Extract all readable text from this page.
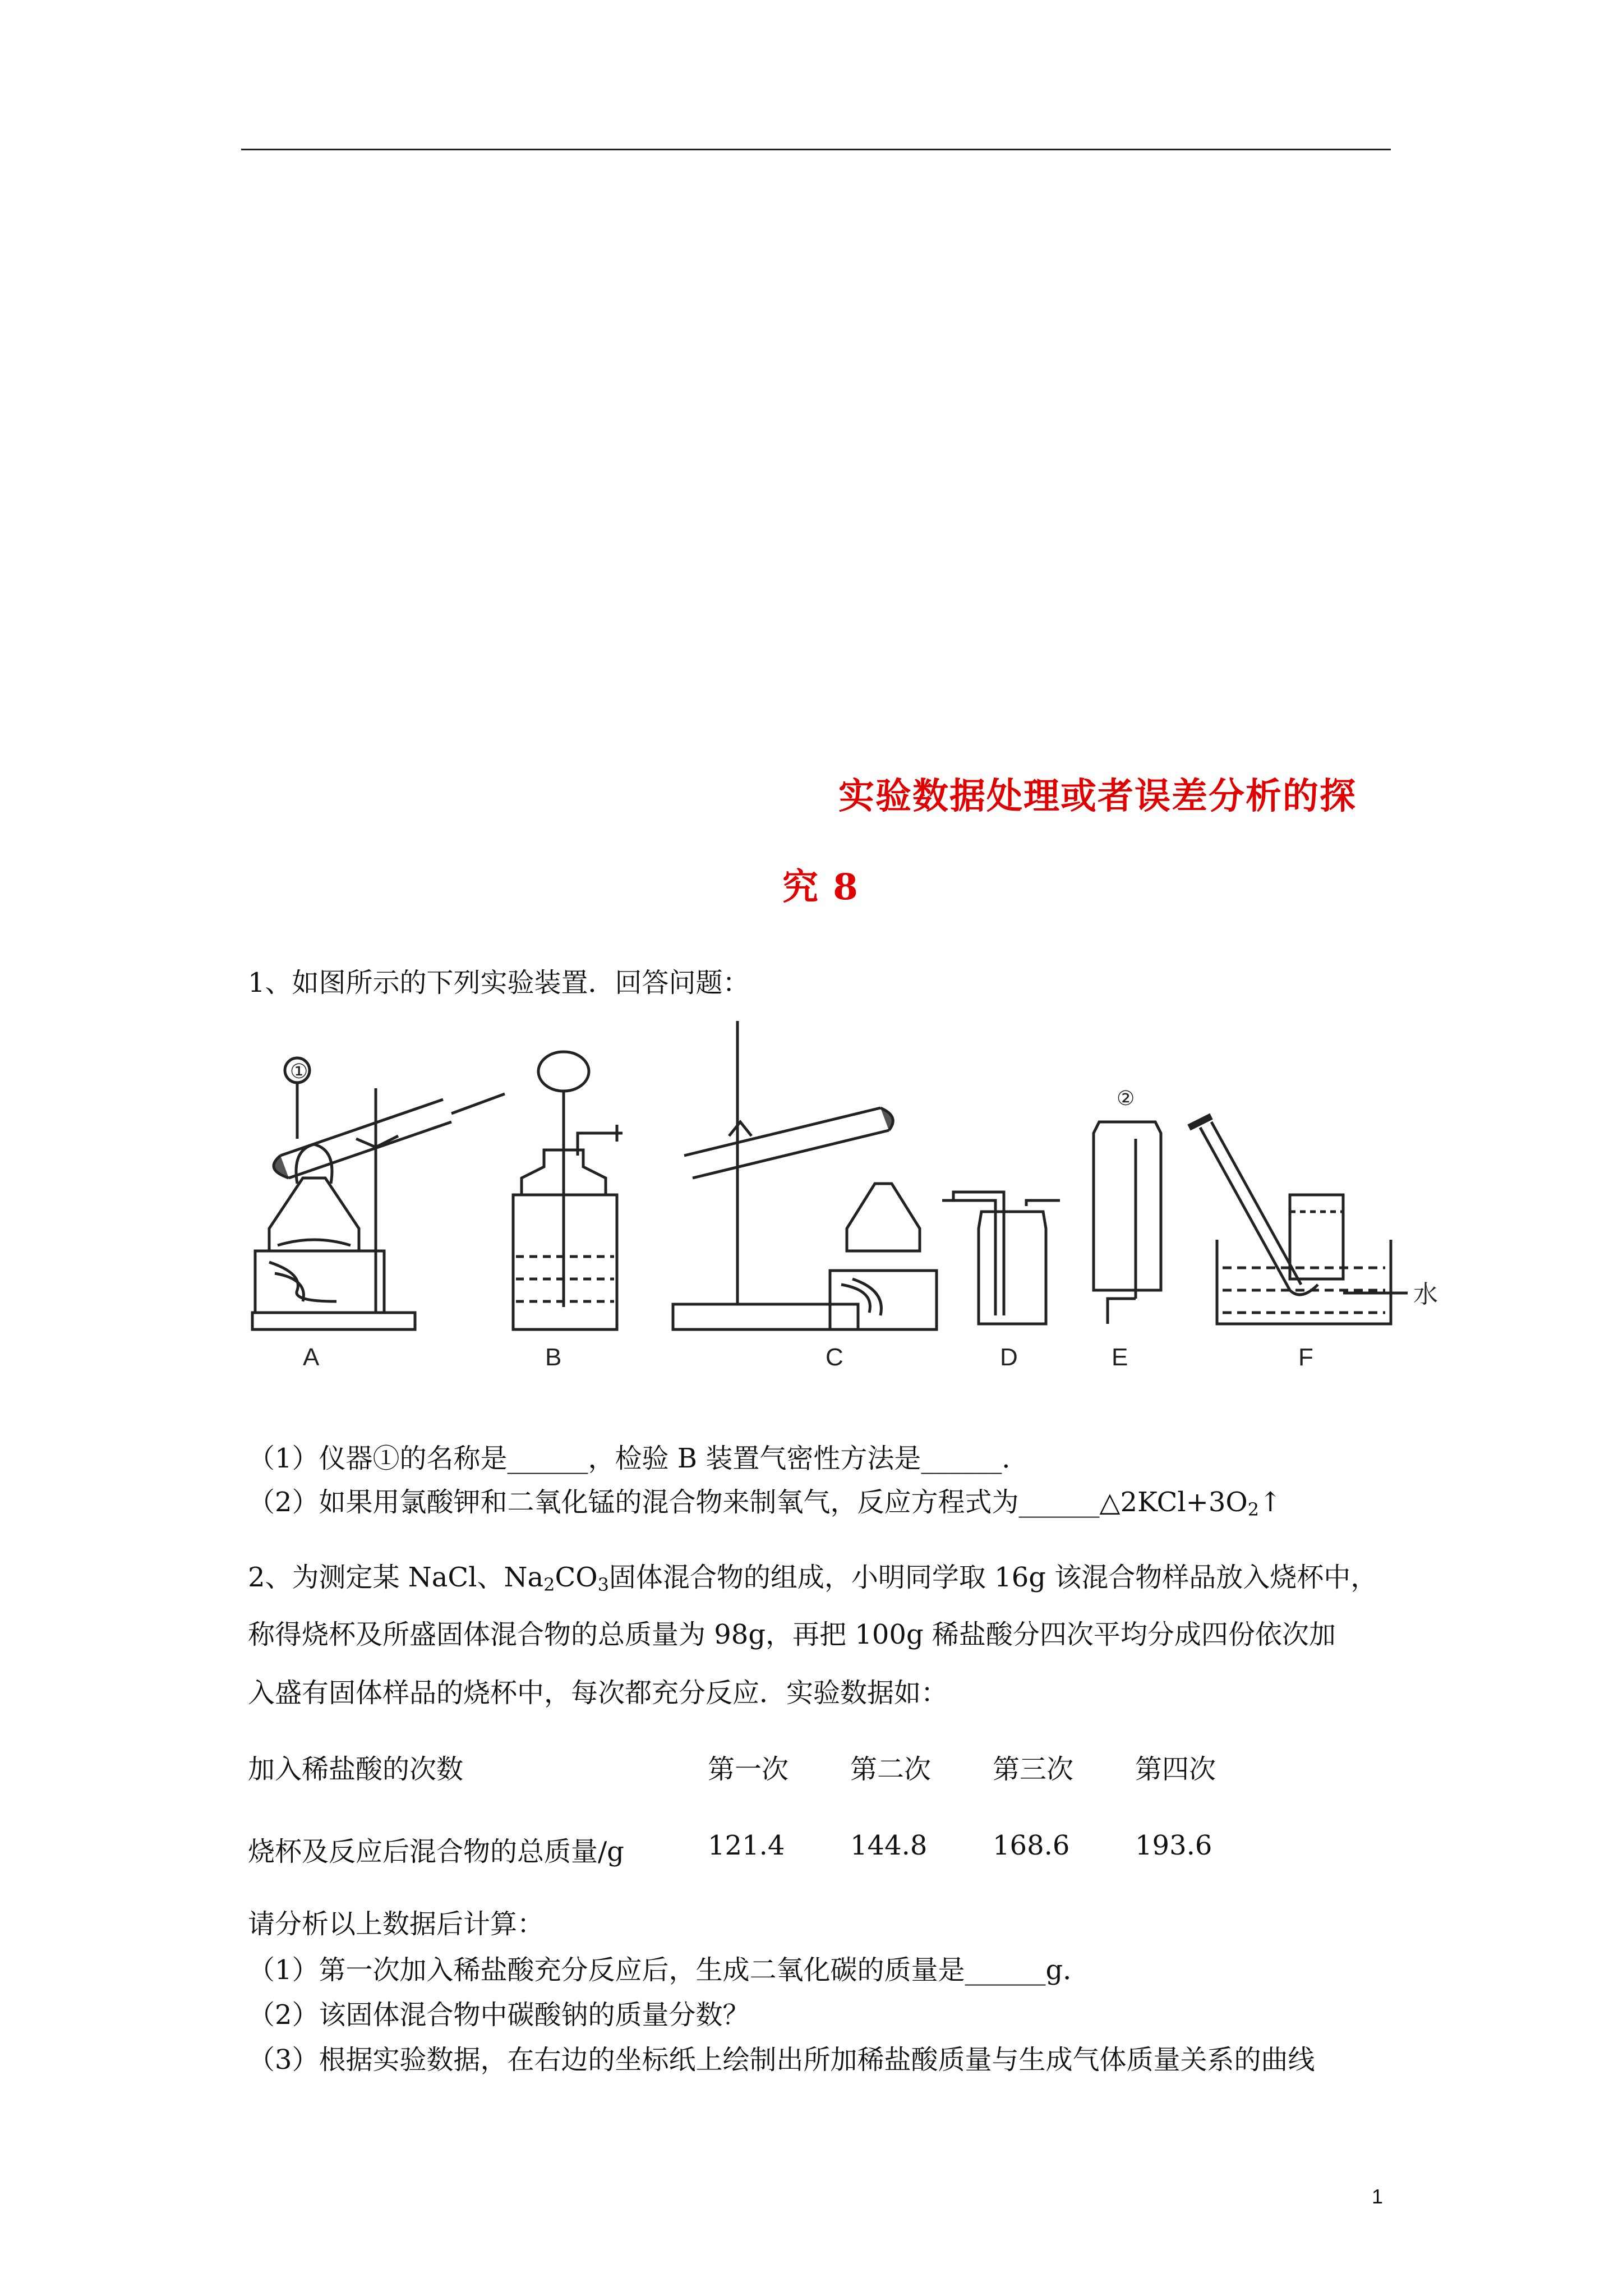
实验数据处理或者误差分析的探
究 8
1、如图所示的下列实验装置．回答问题：
A
①
B	C	D	E
②
F
水
（1）仪器①的名称是______，检验 B 装置气密性方法是______．
（2）如果用氯酸钾和二氧化锰的混合物来制氧气，反应方程式为$\_\_\_\_\_\_\triangle 2KCl+3O_2↑$
2、为测定某 NaCl、$Na_2CO_3$固体混合物的组成，小明同学取 16g 该混合物样品放入烧杯中，
称得烧杯及所盛固体混合物的总质量为 98g，再把 100g 稀盐酸分四次平均分成四份依次加
入盛有固体样品的烧杯中，每次都充分反应．实验数据如：
加入稀盐酸的次数	第一次 第二次 第三次 第四次
烧杯及反应后混合物的总质量/g	121.4 144.8 168.6 193.6
请分析以上数据后计算：
（1）第一次加入稀盐酸充分反应后，生成二氧化碳的质量是______g．
（2）该固体混合物中碳酸钠的质量分数？
（3）根据实验数据，在右边的坐标纸上绘制出所加稀盐酸质量与生成气体质量关系的曲线
1
